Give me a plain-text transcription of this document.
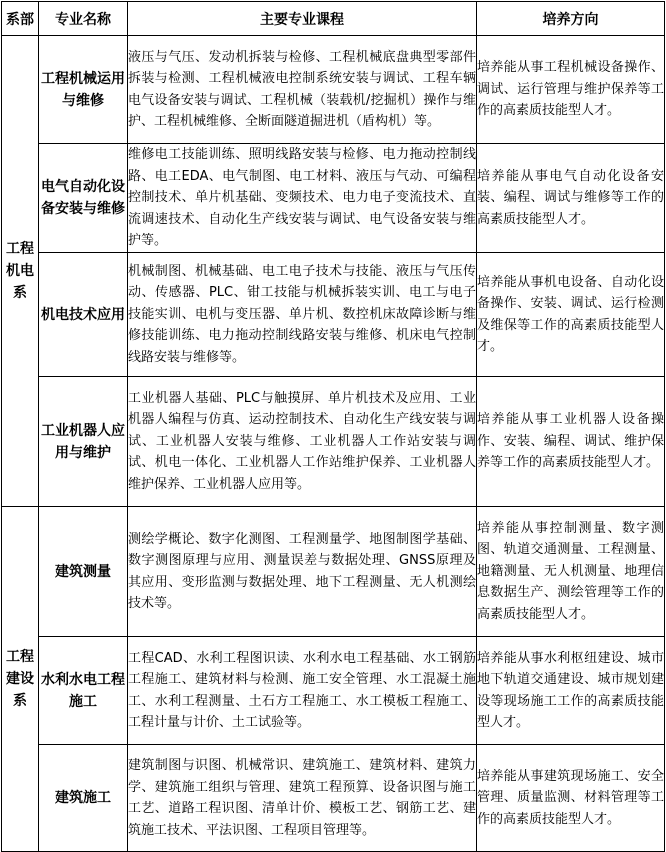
系部	专业名称	主要专业课程	培养方向
工程机电系	工程机械运用与维修	液压与气压、发动机拆装与检修、工程机械底盘典型零部件拆装与检测、工程机械液电控制系统安装与调试、工程车辆电气设备安装与调试、工程机械（装载机/挖掘机）操作与维护、工程机械维修、全断面隧道掘进机（盾构机）等。	培养能从事工程机械设备操作、调试、运行管理与维护保养等工作的高素质技能型人才。
	电气自动化设备安装与维修	维修电工技能训练、照明线路安装与检修、电力拖动控制线路、电工EDA、电气制图、电工材料、液压与气动、可编程控制技术、单片机基础、变频技术、电力电子变流技术、直流调速技术、自动化生产线安装与调试、电气设备安装与维护等。	培养能从事电气自动化设备安装、编程、调试与维修等工作的高素质技能型人才。
	机电技术应用	机械制图、机械基础、电工电子技术与技能、液压与气压传动、传感器、PLC、钳工技能与机械拆装实训、电工与电子技能实训、电机与变压器、单片机、数控机床故障诊断与维修技能训练、电力拖动控制线路安装与维修、机床电气控制线路安装与维修等。	培养能从事机电设备、自动化设备操作、安装、调试、运行检测及维保等工作的高素质技能型人才。
	工业机器人应用与维护	工业机器人基础、PLC与触摸屏、单片机技术及应用、工业机器人编程与仿真、运动控制技术、自动化生产线安装与调试、工业机器人安装与维修、工业机器人工作站安装与调试、机电一体化、工业机器人工作站维护保养、工业机器人维护保养、工业机器人应用等。	培养能从事工业机器人设备操作、安装、编程、调试、维护保养等工作的高素质技能型人才。
工程建设系	建筑测量	测绘学概论、数字化测图、工程测量学、地图制图学基础、数字测图原理与应用、测量误差与数据处理、GNSS原理及其应用、变形监测与数据处理、地下工程测量、无人机测绘技术等。	培养能从事控制测量、数字测图、轨道交通测量、工程测量、地籍测量、无人机测量、地理信息数据生产、测绘管理等工作的高素质技能型人才。
	水利水电工程施工	工程CAD、水利工程图识读、水利水电工程基础、水工钢筋工程施工、建筑材料与检测、施工安全管理、水工混凝土施工、水利工程测量、土石方工程施工、水工模板工程施工、工程计量与计价、土工试验等。	培养能从事水利枢纽建设、城市地下轨道交通建设、城市规划建设等现场施工工作的高素质技能型人才。
	建筑施工	建筑制图与识图、机械常识、建筑施工、建筑材料、建筑力学、建筑施工组织与管理、建筑工程预算、设备识图与施工工艺、道路工程识图、清单计价、模板工艺、钢筋工艺、建筑施工技术、平法识图、工程项目管理等。	培养能从事建筑现场施工、安全管理、质量监测、材料管理等工作的高素质技能型人才。
